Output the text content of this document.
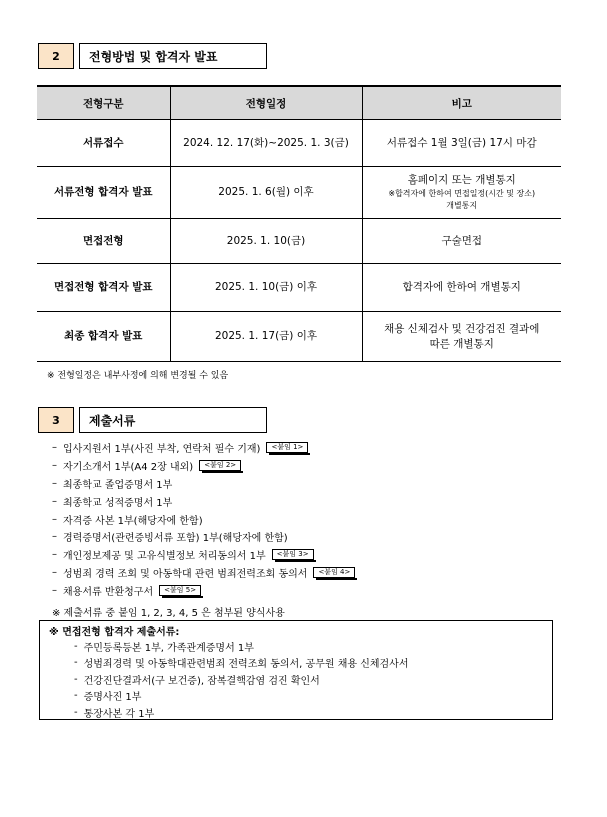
2	전형방법 및 합격자 발표
전형구분	전형일정	비고
서류접수	2024. 12. 17(화)~2025. 1. 3(금)	서류접수 1월 3일(금) 17시 마감
서류전형 합격자 발표	2025. 1. 6(월) 이후	홈페이지 또는 개별통지
※합격자에 한하여 면접일정(시간 및 장소)
개별통지

면접전형	2025. 1. 10(금)	구술면접
면접전형 합격자 발표	2025. 1. 10(금) 이후	합격자에 한하여 개별통지
최종 합격자 발표	2025. 1. 17(금) 이후	채용 신체검사 및 건강검진 결과에
따른 개별통지
※ 전형일정은 내부사정에 의해 변경될 수 있음
3	제출서류
– 입사지원서 1부(사진 부착, 연락처 필수 기재)	<붙임 1>
– 자기소개서 1부(A4 2장 내외)	<붙임 2>
– 최종학교 졸업증명서 1부
– 최종학교 성적증명서 1부
– 자격증 사본 1부(해당자에 한함)
– 경력증명서(관련증빙서류 포함) 1부(해당자에 한함)
– 개인정보제공 및 고유식별정보 처리동의서 1부	<붙임 3>
– 성범죄 경력 조회 및 아동학대 관련 범죄전력조회 동의서	<붙임 4>
– 채용서류 반환청구서	<붙임 5>
※ 제출서류 중 붙임 1, 2, 3, 4, 5 은 첨부된 양식사용
※ 면접전형 합격자 제출서류:
- 주민등록등본 1부, 가족관계증명서 1부
- 성범죄경력 및 아동학대관련범죄 전력조회 동의서, 공무원 채용 신체검사서
- 건강진단결과서(구 보건증), 잠복결핵감염 검진 확인서
- 증명사진 1부
- 통장사본 각 1부
